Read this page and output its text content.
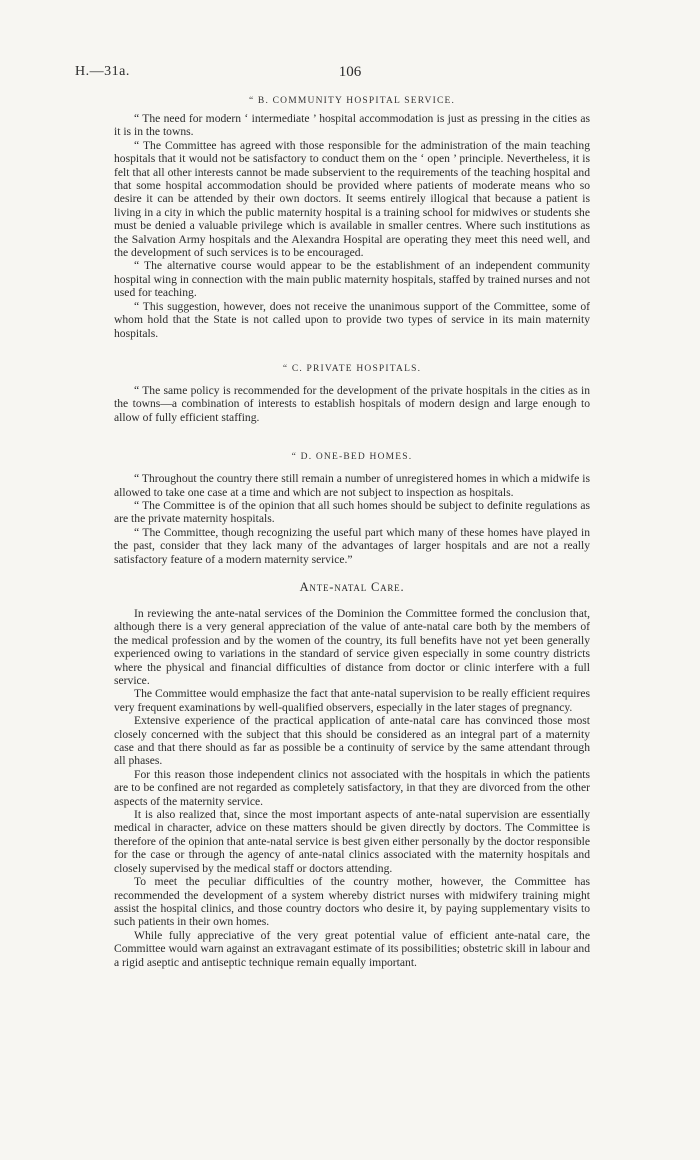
H.—31a.	106
“ B. COMMUNITY HOSPITAL SERVICE.

“ The need for modern ‘ intermediate ’ hospital accommodation is just as pressing in the cities as it is in the towns.

“ The Committee has agreed with those responsible for the administration of the main teaching hospitals that it would not be satisfactory to conduct them on the ‘ open ’ principle. Nevertheless, it is felt that all other interests cannot be made subservient to the requirements of the teaching hospital and that some hospital accommodation should be provided where patients of moderate means who so desire it can be attended by their own doctors. It seems entirely illogical that because a patient is living in a city in which the public maternity hospital is a training school for midwives or students she must be denied a valuable privilege which is available in smaller centres. Where such institutions as the Salvation Army hospitals and the Alexandra Hospital are operating they meet this need well, and the development of such services is to be encouraged.

“ The alternative course would appear to be the establishment of an independent community hospital wing in connection with the main public maternity hospitals, staffed by trained nurses and not used for teaching.

“ This suggestion, however, does not receive the unanimous support of the Committee, some of whom hold that the State is not called upon to provide two types of service in its main maternity hospitals.

“ C. PRIVATE HOSPITALS.

“ The same policy is recommended for the development of the private hospitals in the cities as in the towns—a combination of interests to establish hospitals of modern design and large enough to allow of fully efficient staffing.

“ D. ONE-BED HOMES.

“ Throughout the country there still remain a number of unregistered homes in which a midwife is allowed to take one case at a time and which are not subject to inspection as hospitals.

“ The Committee is of the opinion that all such homes should be subject to definite regulations as are the private maternity hospitals.

“ The Committee, though recognizing the useful part which many of these homes have played in the past, consider that they lack many of the advantages of larger hospitals and are not a really satisfactory feature of a modern maternity service.”

Ante-natal Care.

In reviewing the ante-natal services of the Dominion the Committee formed the conclusion that, although there is a very general appreciation of the value of ante-natal care both by the members of the medical profession and by the women of the country, its full benefits have not yet been generally experienced owing to variations in the standard of service given especially in some country districts where the physical and financial difficulties of distance from doctor or clinic interfere with a full service.

The Committee would emphasize the fact that ante-natal supervision to be really efficient requires very frequent examinations by well-qualified observers, especially in the later stages of pregnancy.

Extensive experience of the practical application of ante-natal care has convinced those most closely concerned with the subject that this should be considered as an integral part of a maternity case and that there should as far as possible be a continuity of service by the same attendant through all phases.

For this reason those independent clinics not associated with the hospitals in which the patients are to be confined are not regarded as completely satisfactory, in that they are divorced from the other aspects of the maternity service.

It is also realized that, since the most important aspects of ante-natal supervision are essentially medical in character, advice on these matters should be given directly by doctors. The Committee is therefore of the opinion that ante-natal service is best given either personally by the doctor responsible for the case or through the agency of ante-natal clinics associated with the maternity hospitals and closely supervised by the medical staff or doctors attending.

To meet the peculiar difficulties of the country mother, however, the Committee has recommended the development of a system whereby district nurses with midwifery training might assist the hospital clinics, and those country doctors who desire it, by paying supplementary visits to such patients in their own homes.

While fully appreciative of the very great potential value of efficient ante-natal care, the Committee would warn against an extravagant estimate of its possibilities; obstetric skill in labour and a rigid aseptic and antiseptic technique remain equally important.
